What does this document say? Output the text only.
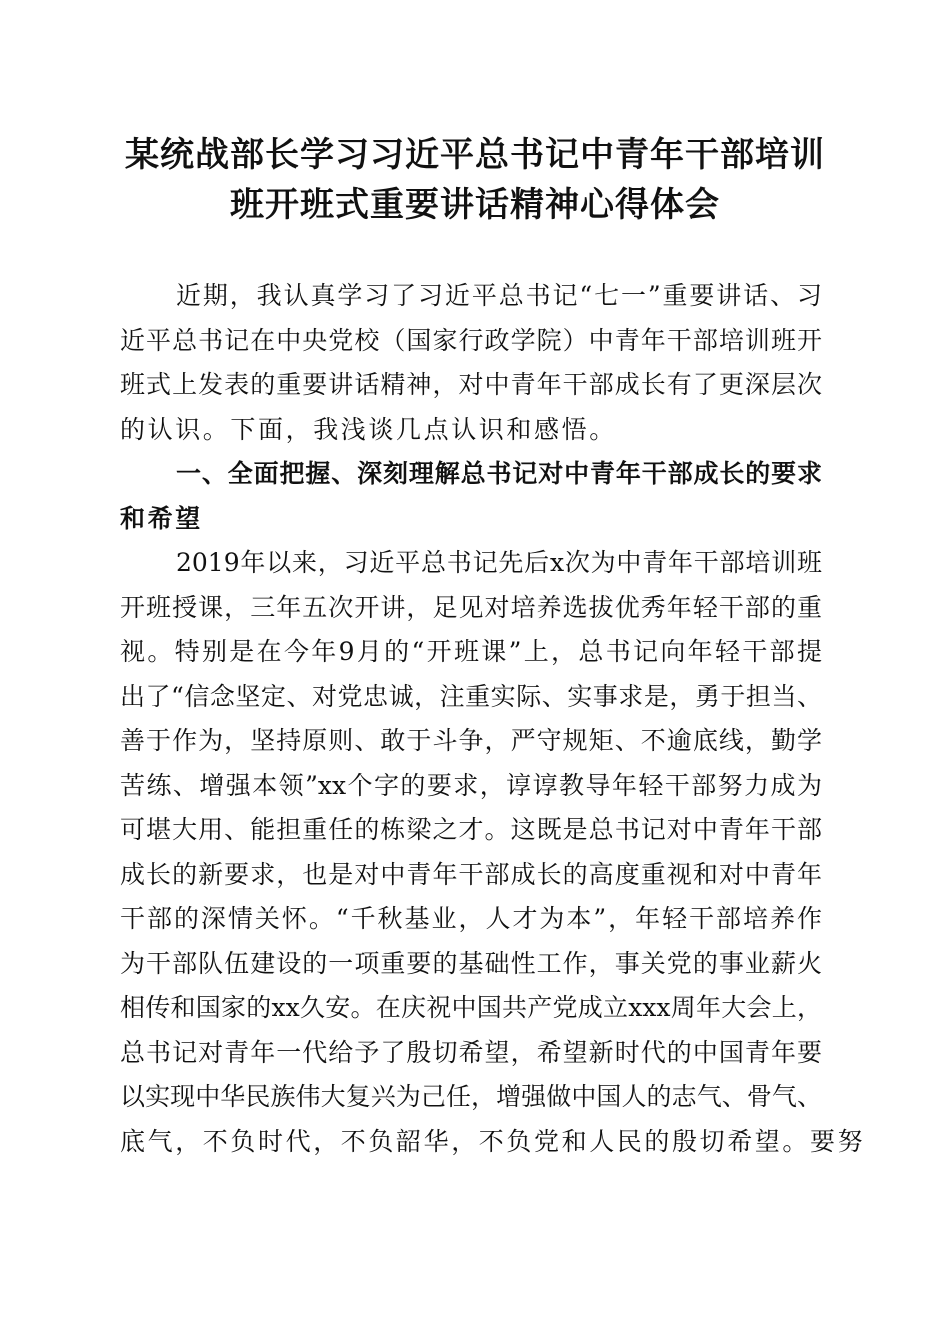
某统战部长学习习近平总书记中青年干部培训
班开班式重要讲话精神心得体会
近期，我认真学习了习近平总书记“七一”重要讲话、习
近平总书记在中央党校（国家行政学院）中青年干部培训班开
班式上发表的重要讲话精神，对中青年干部成长有了更深层次
的认识。下面，我浅谈几点认识和感悟。
一、全面把握、深刻理解总书记对中青年干部成长的要求
和希望
2019年以来，习近平总书记先后x次为中青年干部培训班
开班授课，三年五次开讲，足见对培养选拔优秀年轻干部的重
视。特别是在今年9月的“开班课”上，总书记向年轻干部提
出了“信念坚定、对党忠诚，注重实际、实事求是，勇于担当、
善于作为，坚持原则、敢于斗争，严守规矩、不逾底线，勤学
苦练、增强本领”xx个字的要求，谆谆教导年轻干部努力成为
可堪大用、能担重任的栋梁之才。这既是总书记对中青年干部
成长的新要求，也是对中青年干部成长的高度重视和对中青年
干部的深情关怀。“千秋基业，人才为本”，年轻干部培养作
为干部队伍建设的一项重要的基础性工作，事关党的事业薪火
相传和国家的xx久安。在庆祝中国共产党成立xxx周年大会上，
总书记对青年一代给予了殷切希望，希望新时代的中国青年要
以实现中华民族伟大复兴为己任，增强做中国人的志气、骨气、
底气，不负时代，不负韶华，不负党和人民的殷切希望。要努
